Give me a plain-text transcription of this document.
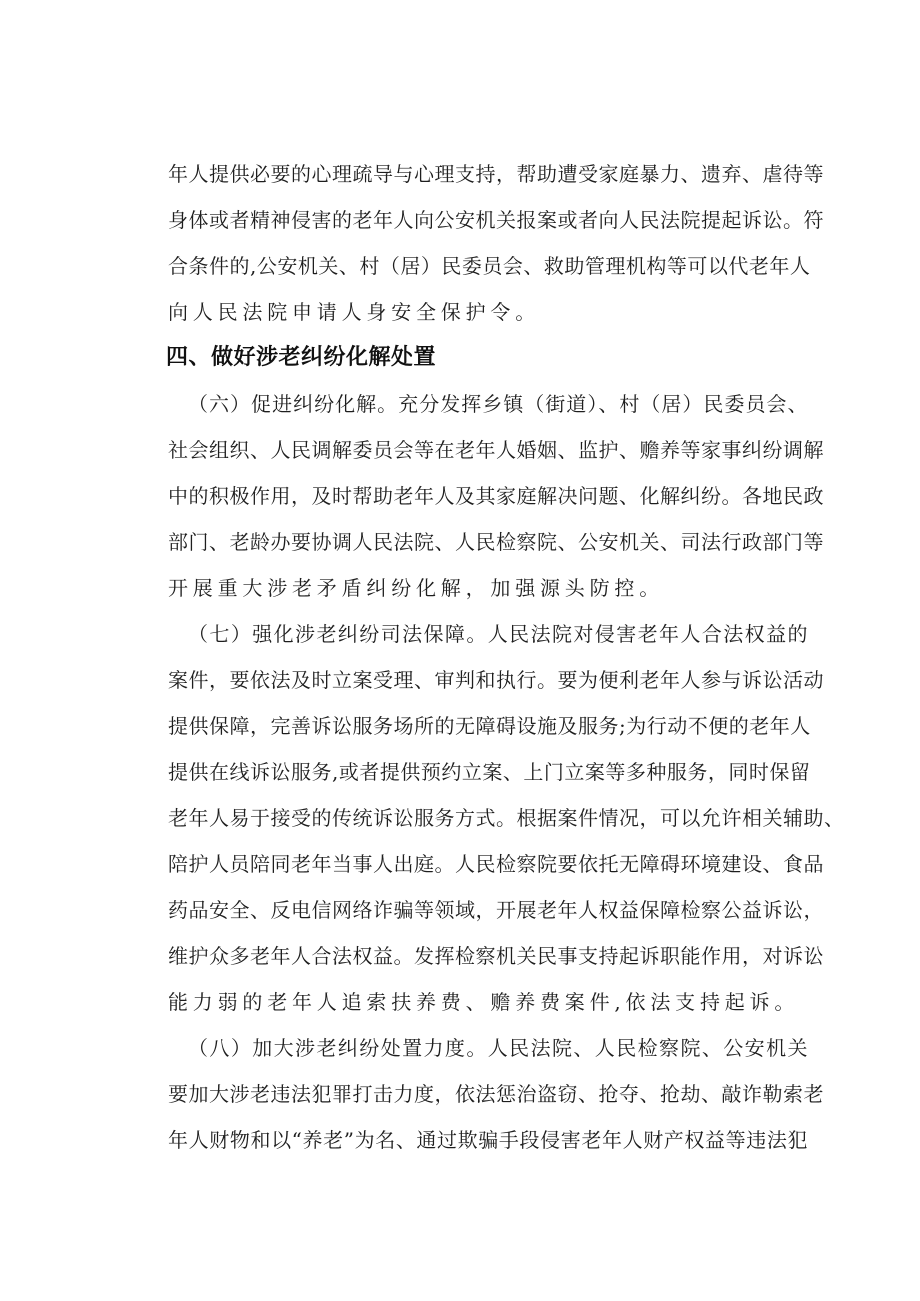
年人提供必要的心理疏导与心理支持，帮助遭受家庭暴力、遗弃、虐待等
身体或者精神侵害的老年人向公安机关报案或者向人民法院提起诉讼。符
合条件的,公安机关、村（居）民委员会、救助管理机构等可以代老年人
向人民法院申请人身安全保护令。
四、做好涉老纠纷化解处置
（六）促进纠纷化解。充分发挥乡镇（街道）、村（居）民委员会、
社会组织、人民调解委员会等在老年人婚姻、监护、赡养等家事纠纷调解
中的积极作用，及时帮助老年人及其家庭解决问题、化解纠纷。各地民政
部门、老龄办要协调人民法院、人民检察院、公安机关、司法行政部门等
开展重大涉老矛盾纠纷化解，加强源头防控。
（七）强化涉老纠纷司法保障。人民法院对侵害老年人合法权益的
案件，要依法及时立案受理、审判和执行。要为便利老年人参与诉讼活动
提供保障，完善诉讼服务场所的无障碍设施及服务;为行动不便的老年人
提供在线诉讼服务,或者提供预约立案、上门立案等多种服务，同时保留
老年人易于接受的传统诉讼服务方式。根据案件情况，可以允许相关辅助、
陪护人员陪同老年当事人出庭。人民检察院要依托无障碍环境建设、食品
药品安全、反电信网络诈骗等领域，开展老年人权益保障检察公益诉讼，
维护众多老年人合法权益。发挥检察机关民事支持起诉职能作用，对诉讼
能力弱的老年人追索扶养费、赡养费案件,依法支持起诉。
（八）加大涉老纠纷处置力度。人民法院、人民检察院、公安机关
要加大涉老违法犯罪打击力度，依法惩治盗窃、抢夺、抢劫、敲诈勒索老
年人财物和以“养老”为名、通过欺骗手段侵害老年人财产权益等违法犯
